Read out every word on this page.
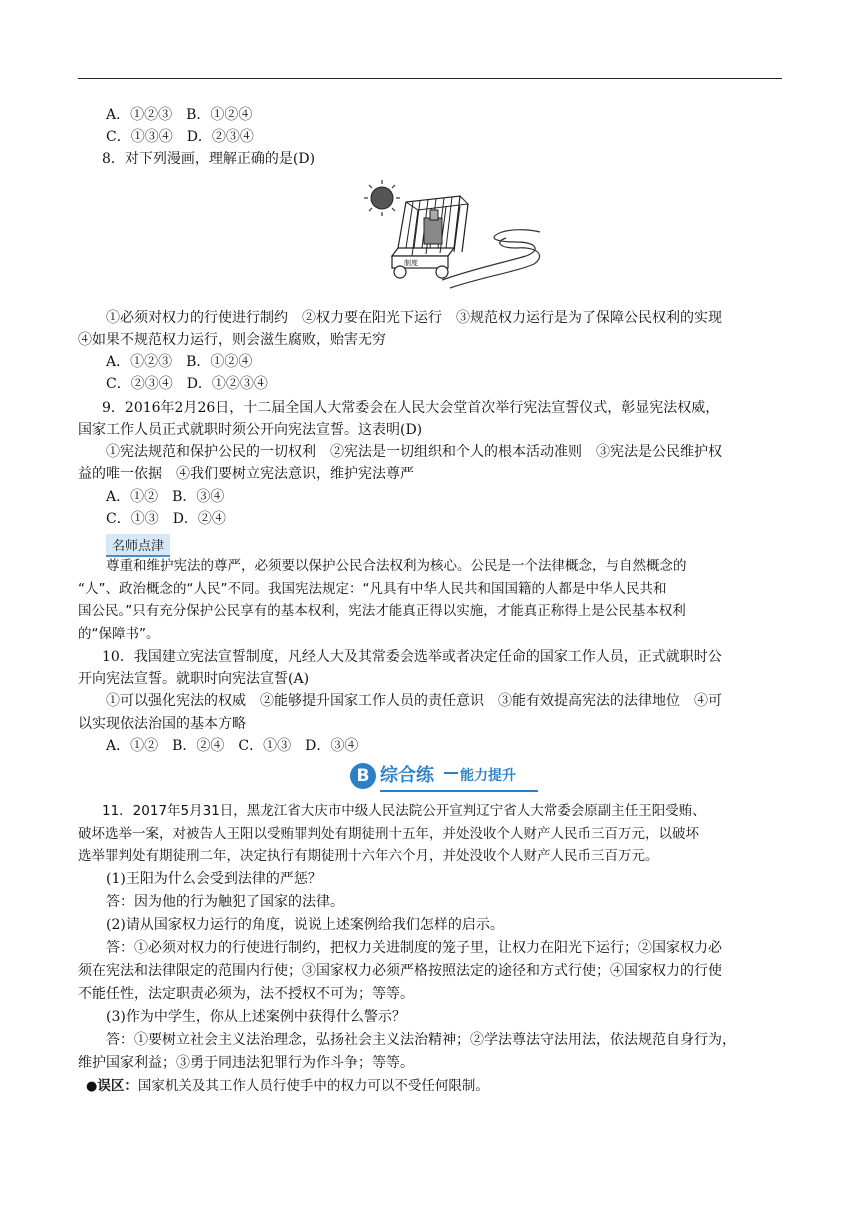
A．①②③　B．①②④
C．①③④　D．②③④
8．对下列漫画，理解正确的是(D)
制度
①必须对权力的行使进行制约　②权力要在阳光下运行　③规范权力运行是为了保障公民权利的实现
④如果不规范权力运行，则会滋生腐败，贻害无穷
A．①②③　B．①②④
C．②③④　D．①②③④
9．2016年2月26日，十二届全国人大常委会在人民大会堂首次举行宪法宣誓仪式，彰显宪法权威，
国家工作人员正式就职时须公开向宪法宣誓。这表明(D)
①宪法规范和保护公民的一切权利　②宪法是一切组织和个人的根本活动准则　③宪法是公民维护权
益的唯一依据　④我们要树立宪法意识，维护宪法尊严
A．①②　B．③④
C．①③　D．②④
名师点津
尊重和维护宪法的尊严，必须要以保护公民合法权利为核心。公民是一个法律概念，与自然概念的
“人”、政治概念的“人民”不同。我国宪法规定：“凡具有中华人民共和国国籍的人都是中华人民共和
国公民。”只有充分保护公民享有的基本权利，宪法才能真正得以实施，才能真正称得上是公民基本权利
的“保障书”。
10．我国建立宪法宣誓制度，凡经人大及其常委会选举或者决定任命的国家工作人员，正式就职时公
开向宪法宣誓。就职时向宪法宣誓(A)
①可以强化宪法的权威　②能够提升国家工作人员的责任意识　③能有效提高宪法的法律地位　④可
以实现依法治国的基本方略
A．①②　B．②④　C．①③　D．③④
B 综合练 能力提升
11．2017年5月31日，黑龙江省大庆市中级人民法院公开宣判辽宁省人大常委会原副主任王阳受贿、
破坏选举一案，对被告人王阳以受贿罪判处有期徒刑十五年，并处没收个人财产人民币三百万元，以破坏
选举罪判处有期徒刑二年，决定执行有期徒刑十六年六个月，并处没收个人财产人民币三百万元。
(1)王阳为什么会受到法律的严惩？
答：因为他的行为触犯了国家的法律。
(2)请从国家权力运行的角度，说说上述案例给我们怎样的启示。
答：①必须对权力的行使进行制约，把权力关进制度的笼子里，让权力在阳光下运行；②国家权力必
须在宪法和法律限定的范围内行使；③国家权力必须严格按照法定的途径和方式行使；④国家权力的行使
不能任性，法定职责必须为，法不授权不可为；等等。
(3)作为中学生，你从上述案例中获得什么警示？
答：①要树立社会主义法治理念，弘扬社会主义法治精神；②学法尊法守法用法，依法规范自身行为，
维护国家利益；③勇于同违法犯罪行为作斗争；等等。
●误区：国家机关及其工作人员行使手中的权力可以不受任何限制。
